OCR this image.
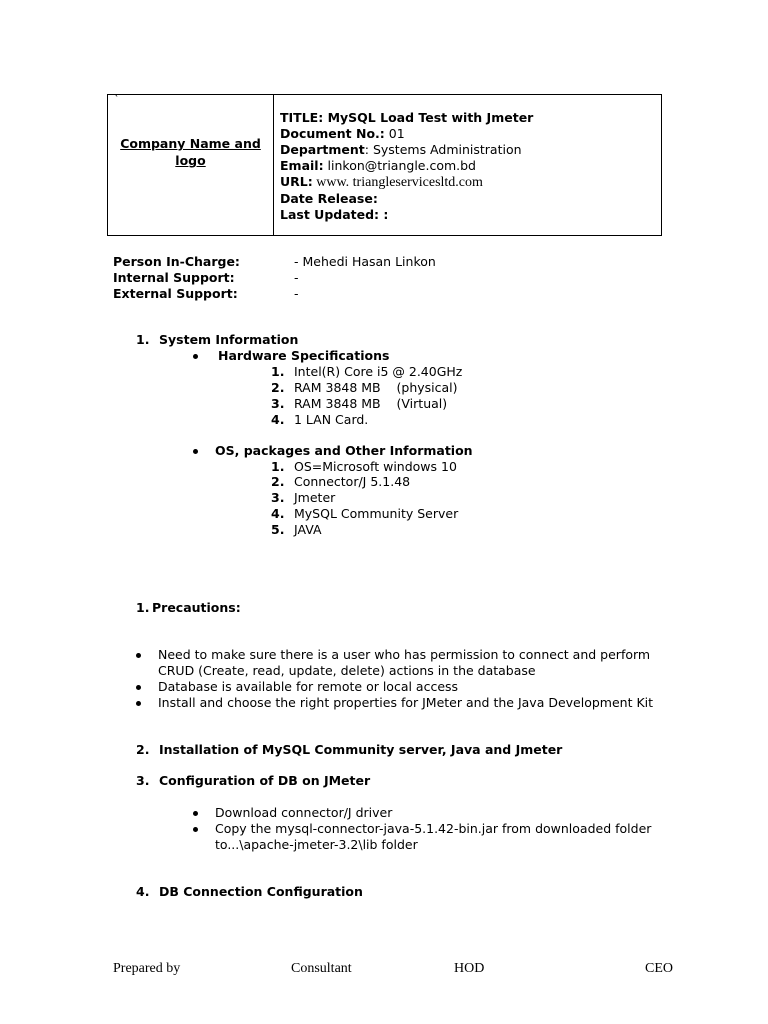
`
Company Name and logo
TITLE: MySQL Load Test with Jmeter
Document No.: 01
Department: Systems Administration
Email: linkon@triangle.com.bd
URL: www. triangleservicesltd.com
Date Release:
Last Updated: :
Person In-Charge:	- Mehedi Hasan Linkon
Internal Support:	-
External Support:	-
1. System Information
Hardware Specifications
1. Intel(R) Core i5 @ 2.40GHz
2. RAM 3848 MB    (physical)
3. RAM 3848 MB    (Virtual)
4. 1 LAN Card.
OS, packages and Other Information
1. OS=Microsoft windows 10
2. Connector/J 5.1.48
3. Jmeter
4. MySQL Community Server
5. JAVA
1. Precautions:
Need to make sure there is a user who has permission to connect and perform
CRUD (Create, read, update, delete) actions in the database
Database is available for remote or local access
Install and choose the right properties for JMeter and the Java Development Kit
2. Installation of MySQL Community server, Java and Jmeter
3. Configuration of DB on JMeter
Download connector/J driver
Copy the mysql-connector-java-5.1.42-bin.jar from downloaded folder
to...\apache-jmeter-3.2\lib folder
4. DB Connection Configuration
Prepared by	Consultant	HOD	CEO
